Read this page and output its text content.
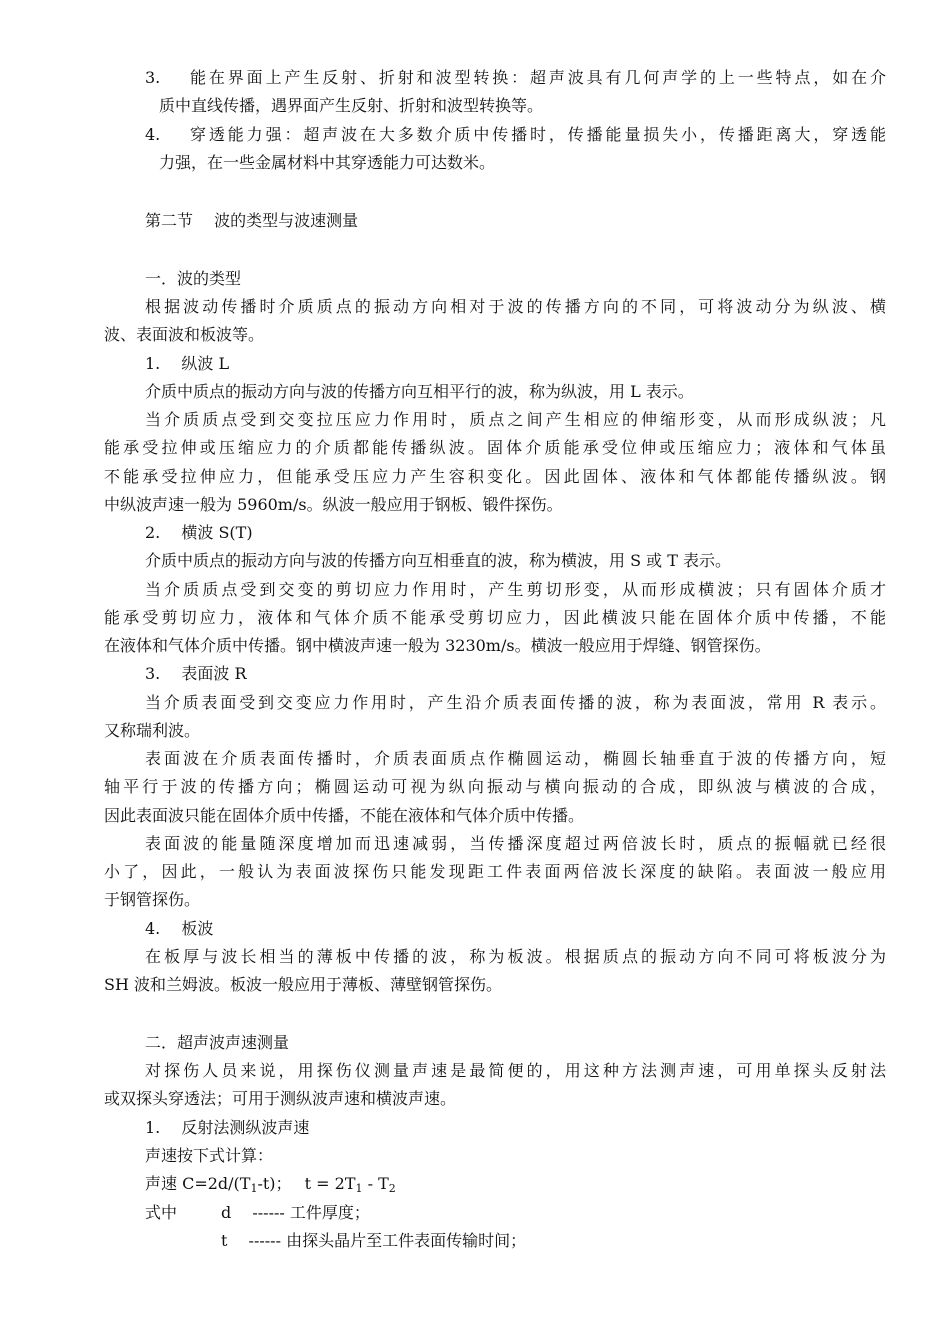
3.　 能在界面上产生反射、折射和波型转换：超声波具有几何声学的上一些特点，如在介
质中直线传播，遇界面产生反射、折射和波型转换等。
4.　 穿透能力强：超声波在大多数介质中传播时，传播能量损失小，传播距离大，穿透能
力强，在一些金属材料中其穿透能力可达数米。
第二节　 波的类型与波速测量
一．波的类型
根据波动传播时介质质点的振动方向相对于波的传播方向的不同，可将波动分为纵波、横
波、表面波和板波等。
1.　 纵波 L
介质中质点的振动方向与波的传播方向互相平行的波，称为纵波，用 L 表示。
当介质质点受到交变拉压应力作用时，质点之间产生相应的伸缩形变，从而形成纵波；凡
能承受拉伸或压缩应力的介质都能传播纵波。固体介质能承受位伸或压缩应力；液体和气体虽
不能承受拉伸应力，但能承受压应力产生容积变化。因此固体、液体和气体都能传播纵波。钢
中纵波声速一般为 5960m/s。纵波一般应用于钢板、锻件探伤。
2.　 横波 S(T)
介质中质点的振动方向与波的传播方向互相垂直的波，称为横波，用 S 或 T 表示。
当介质质点受到交变的剪切应力作用时，产生剪切形变，从而形成横波；只有固体介质才
能承受剪切应力，液体和气体介质不能承受剪切应力，因此横波只能在固体介质中传播，不能
在液体和气体介质中传播。钢中横波声速一般为 3230m/s。横波一般应用于焊缝、钢管探伤。
3.　 表面波 R
当介质表面受到交变应力作用时，产生沿介质表面传播的波，称为表面波，常用 R 表示。
又称瑞利波。
表面波在介质表面传播时，介质表面质点作椭圆运动，椭圆长轴垂直于波的传播方向，短
轴平行于波的传播方向；椭圆运动可视为纵向振动与横向振动的合成，即纵波与横波的合成，
因此表面波只能在固体介质中传播，不能在液体和气体介质中传播。
表面波的能量随深度增加而迅速减弱，当传播深度超过两倍波长时，质点的振幅就已经很
小了，因此，一般认为表面波探伤只能发现距工件表面两倍波长深度的缺陷。表面波一般应用
于钢管探伤。
4.　 板波
在板厚与波长相当的薄板中传播的波，称为板波。根据质点的振动方向不同可将板波分为
SH 波和兰姆波。板波一般应用于薄板、薄壁钢管探伤。
二．超声波声速测量
对探伤人员来说，用探伤仪测量声速是最简便的，用这种方法测声速，可用单探头反射法
或双探头穿透法；可用于测纵波声速和横波声速。
1.　 反射法测纵波声速
声速按下式计算：
声速 $C=2d/(T_1-t)$；　 $t = 2T_1 - T_2$
式中	d　 ------ 工件厚度；
t　 ------ 由探头晶片至工件表面传输时间；
